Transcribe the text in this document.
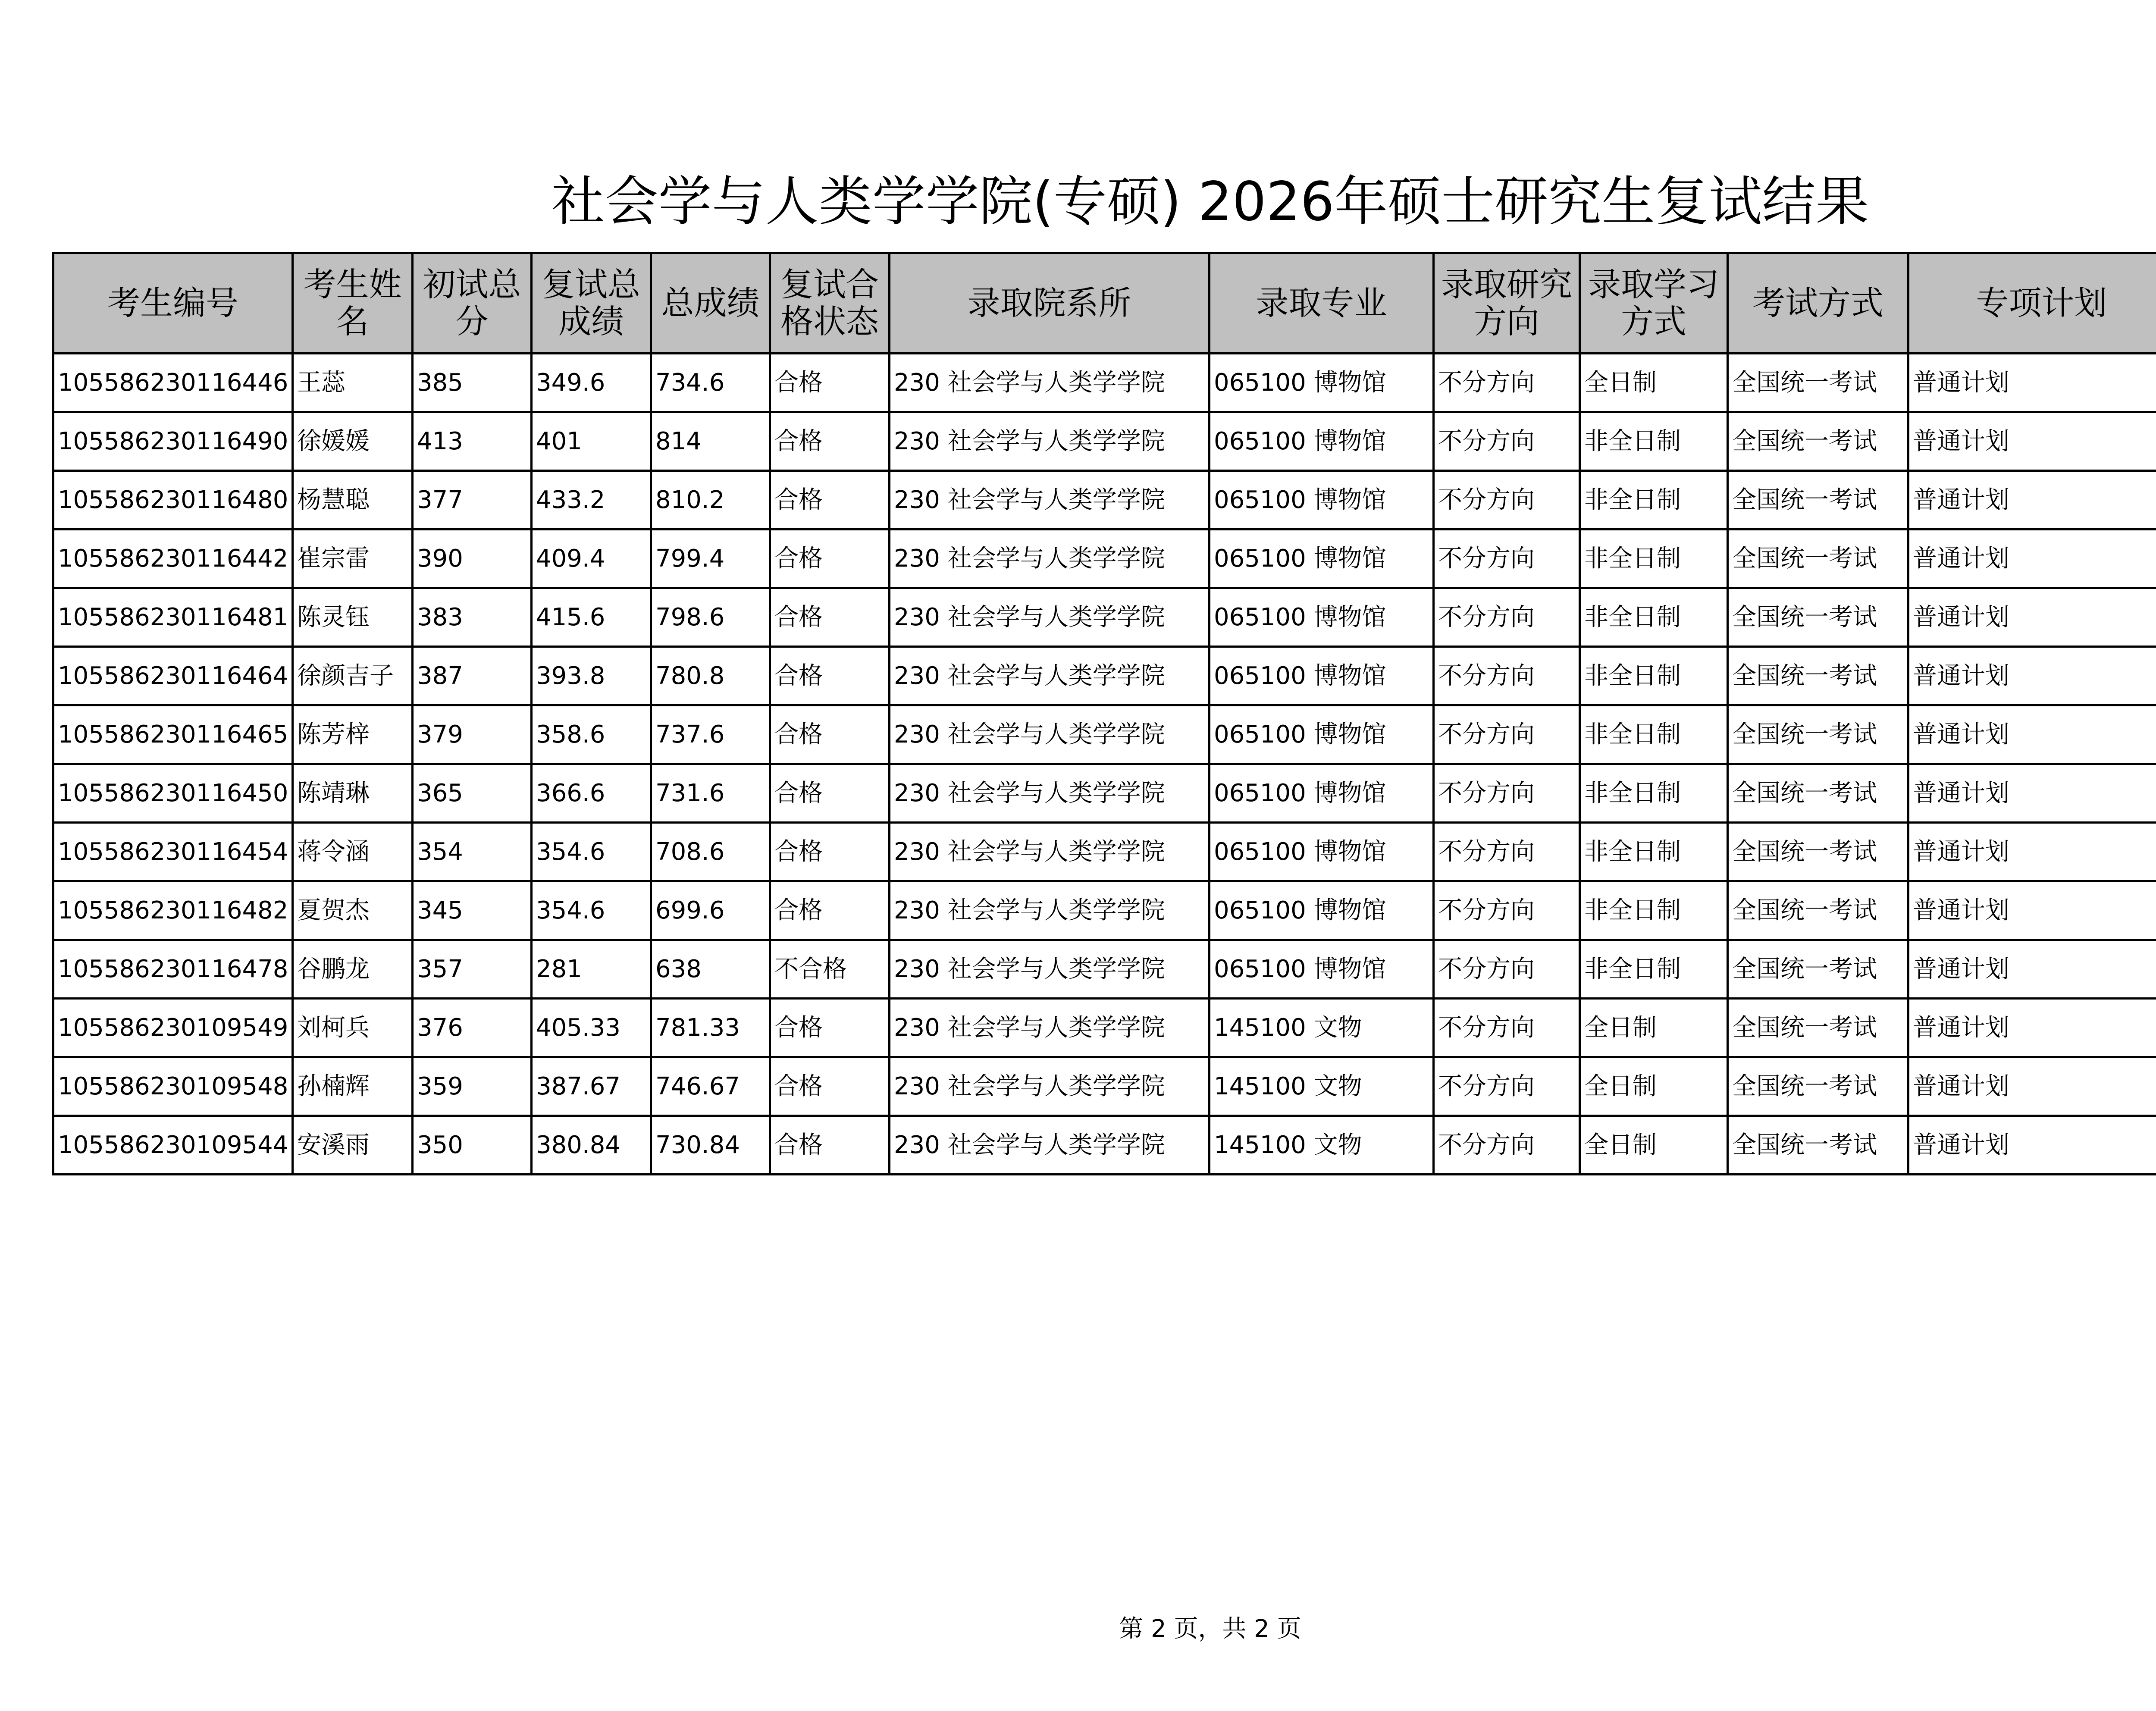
社会学与人类学学院(专硕) 2026年硕士研究生复试结果
考生编号	考生姓名	初试总分	复试总成绩	总成绩	复试合格状态	录取院系所	录取专业	录取研究方向	录取学习方式	考试方式	专项计划	
105586230116446	王蕊	385	349.6	734.6	合格	230 社会学与人类学学院	065100 博物馆	不分方向	全日制	全国统一考试	普通计划	
105586230116490	徐媛媛	413	401	814	合格	230 社会学与人类学学院	065100 博物馆	不分方向	非全日制	全国统一考试	普通计划	
105586230116480	杨慧聪	377	433.2	810.2	合格	230 社会学与人类学学院	065100 博物馆	不分方向	非全日制	全国统一考试	普通计划	
105586230116442	崔宗雷	390	409.4	799.4	合格	230 社会学与人类学学院	065100 博物馆	不分方向	非全日制	全国统一考试	普通计划	
105586230116481	陈灵钰	383	415.6	798.6	合格	230 社会学与人类学学院	065100 博物馆	不分方向	非全日制	全国统一考试	普通计划	
105586230116464	徐颜吉子	387	393.8	780.8	合格	230 社会学与人类学学院	065100 博物馆	不分方向	非全日制	全国统一考试	普通计划	
105586230116465	陈芳梓	379	358.6	737.6	合格	230 社会学与人类学学院	065100 博物馆	不分方向	非全日制	全国统一考试	普通计划	
105586230116450	陈靖琳	365	366.6	731.6	合格	230 社会学与人类学学院	065100 博物馆	不分方向	非全日制	全国统一考试	普通计划	
105586230116454	蒋令涵	354	354.6	708.6	合格	230 社会学与人类学学院	065100 博物馆	不分方向	非全日制	全国统一考试	普通计划	
105586230116482	夏贺杰	345	354.6	699.6	合格	230 社会学与人类学学院	065100 博物馆	不分方向	非全日制	全国统一考试	普通计划	
105586230116478	谷鹏龙	357	281	638	不合格	230 社会学与人类学学院	065100 博物馆	不分方向	非全日制	全国统一考试	普通计划	
105586230109549	刘柯兵	376	405.33	781.33	合格	230 社会学与人类学学院	145100 文物	不分方向	全日制	全国统一考试	普通计划	
105586230109548	孙楠辉	359	387.67	746.67	合格	230 社会学与人类学学院	145100 文物	不分方向	全日制	全国统一考试	普通计划	
105586230109544	安溪雨	350	380.84	730.84	合格	230 社会学与人类学学院	145100 文物	不分方向	全日制	全国统一考试	普通计划	
第 2 页，共 2 页
